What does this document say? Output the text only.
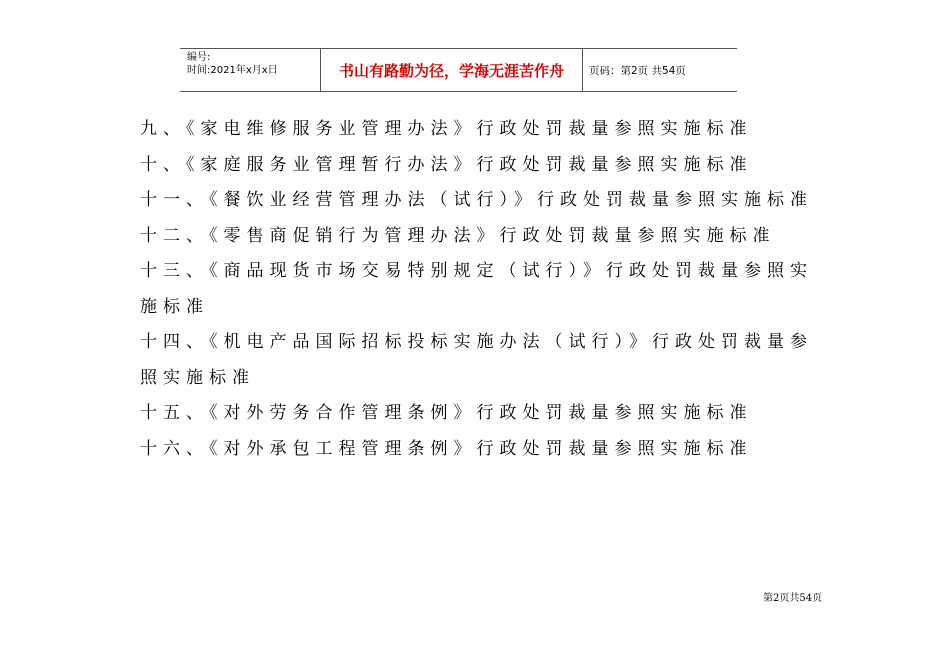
编号:
时间:2021年x月x日	书山有路勤为径，学海无涯苦作舟 页码：第2页 共54页

九、《家电维修服务业管理办法》行政处罚裁量参照实施标准

十、《家庭服务业管理暂行办法》行政处罚裁量参照实施标准

十一、《餐饮业经营管理办法（试行）》行政处罚裁量参照实施标准

十二、《零售商促销行为管理办法》行政处罚裁量参照实施标准

十三、《商品现货市场交易特别规定（试行）》行政处罚裁量参照实施标准

十四、《机电产品国际招标投标实施办法（试行）》行政处罚裁量参照实施标准

十五、《对外劳务合作管理条例》行政处罚裁量参照实施标准

十六、《对外承包工程管理条例》行政处罚裁量参照实施标准

第2页共54页
